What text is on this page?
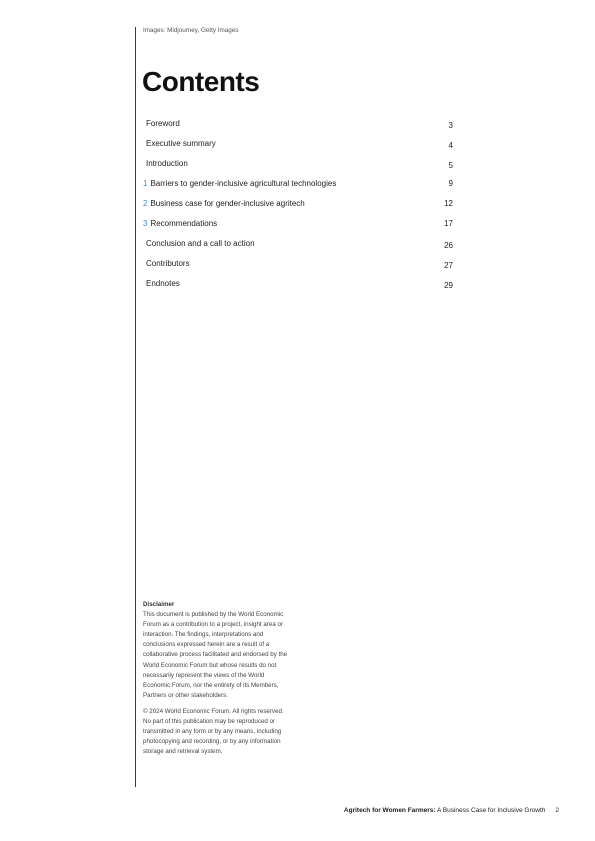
Images: Midjourney, Getty Images
Contents
Foreword	3
Executive summary	4
Introduction	5
1 Barriers to gender-inclusive agricultural technologies	9
2 Business case for gender-inclusive agritech	12
3 Recommendations	17
Conclusion and a call to action	26
Contributors	27
Endnotes	29
Disclaimer

This document is published by the World Economic Forum as a contribution to a project, insight area or interaction. The findings, interpretations and conclusions expressed herein are a result of a collaborative process facilitated and endorsed by the World Economic Forum but whose results do not necessarily represent the views of the World Economic Forum, nor the entirety of its Members, Partners or other stakeholders.

© 2024 World Economic Forum. All rights reserved. No part of this publication may be reproduced or transmitted in any form or by any means, including photocopying and recording, or by any information storage and retrieval system.

Agritech for Women Farmers: A Business Case for Inclusive Growth 2
